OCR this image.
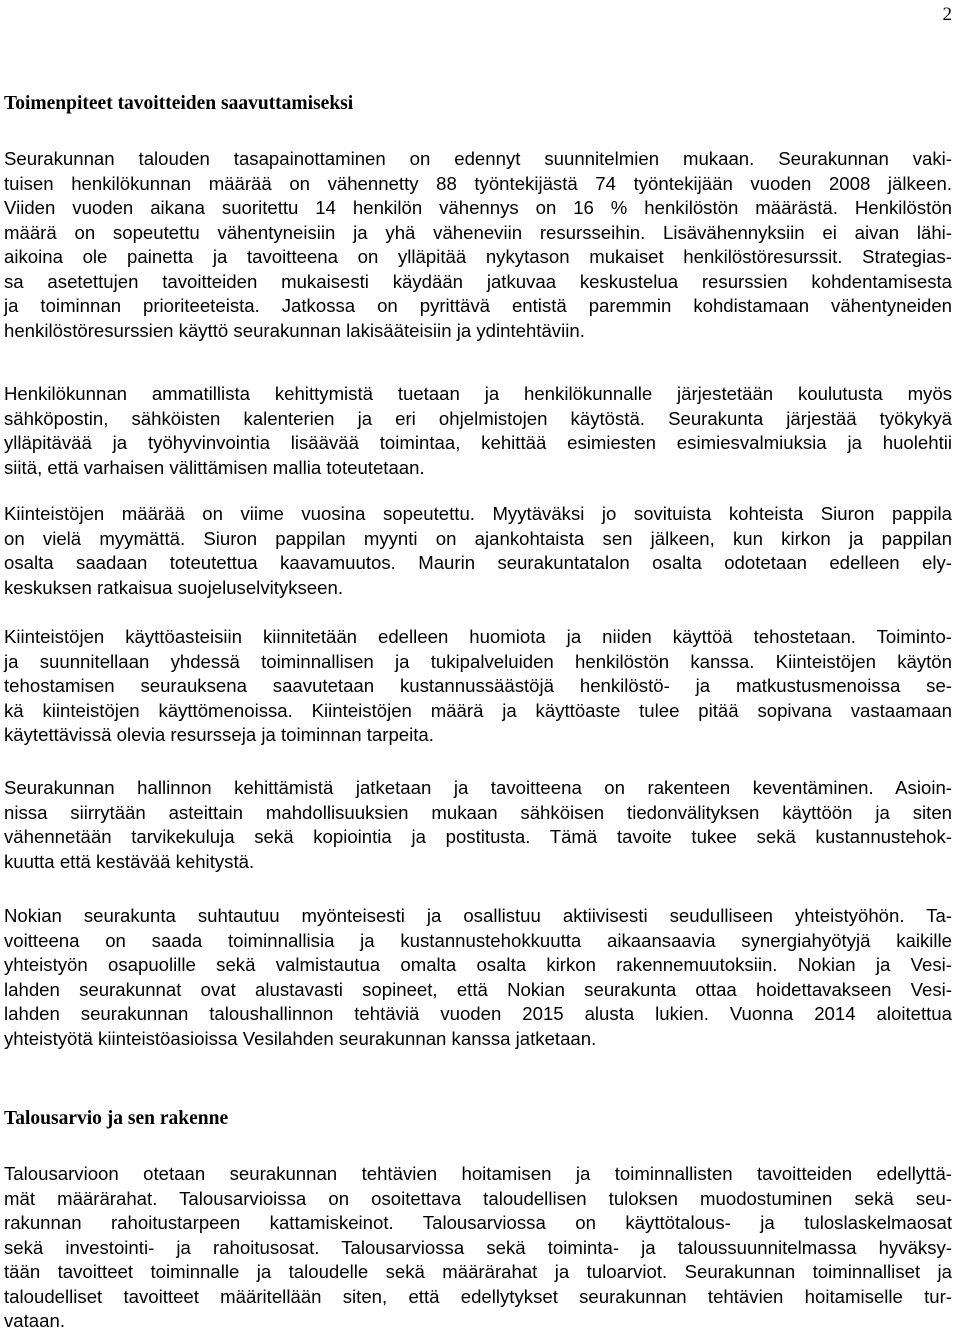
2
Toimenpiteet tavoitteiden saavuttamiseksi
Talousarvio ja sen rakenne
Seurakunnan talouden tasapainottaminen on edennyt suunnitelmien mukaan. Seurakunnan vaki-
tuisen henkilökunnan määrää on vähennetty 88 työntekijästä 74 työntekijään vuoden 2008 jälkeen.
Viiden vuoden aikana suoritettu 14 henkilön vähennys on 16 % henkilöstön määrästä. Henkilöstön
määrä on sopeutettu vähentyneisiin ja yhä väheneviin resursseihin. Lisävähennyksiin ei aivan lähi-
aikoina ole painetta ja tavoitteena on ylläpitää nykytason mukaiset henkilöstöresurssit. Strategias-
sa asetettujen tavoitteiden mukaisesti käydään jatkuvaa keskustelua resurssien kohdentamisesta
ja toiminnan prioriteeteista. Jatkossa on pyrittävä entistä paremmin kohdistamaan vähentyneiden
henkilöstöresurssien käyttö seurakunnan lakisääteisiin ja ydintehtäviin.
Henkilökunnan ammatillista kehittymistä tuetaan ja henkilökunnalle järjestetään koulutusta myös
sähköpostin, sähköisten kalenterien ja eri ohjelmistojen käytöstä. Seurakunta järjestää työkykyä
ylläpitävää ja työhyvinvointia lisäävää toimintaa, kehittää esimiesten esimiesvalmiuksia ja huolehtii
siitä, että varhaisen välittämisen mallia toteutetaan.
Kiinteistöjen määrää on viime vuosina sopeutettu. Myytäväksi jo sovituista kohteista Siuron pappila
on vielä myymättä. Siuron pappilan myynti on ajankohtaista sen jälkeen, kun kirkon ja pappilan
osalta saadaan toteutettua kaavamuutos. Maurin seurakuntatalon osalta odotetaan edelleen ely-
keskuksen ratkaisua suojeluselvitykseen.
Kiinteistöjen käyttöasteisiin kiinnitetään edelleen huomiota ja niiden käyttöä tehostetaan. Toiminto-
ja suunnitellaan yhdessä toiminnallisen ja tukipalveluiden henkilöstön kanssa. Kiinteistöjen käytön
tehostamisen seurauksena saavutetaan kustannussäästöjä henkilöstö- ja matkustusmenoissa se-
kä kiinteistöjen käyttömenoissa. Kiinteistöjen määrä ja käyttöaste tulee pitää sopivana vastaamaan
käytettävissä olevia resursseja ja toiminnan tarpeita.
Seurakunnan hallinnon kehittämistä jatketaan ja tavoitteena on rakenteen keventäminen. Asioin-
nissa siirrytään asteittain mahdollisuuksien mukaan sähköisen tiedonvälityksen käyttöön ja siten
vähennetään tarvikekuluja sekä kopiointia ja postitusta. Tämä tavoite tukee sekä kustannustehok-
kuutta että kestävää kehitystä.
Nokian seurakunta suhtautuu myönteisesti ja osallistuu aktiivisesti seudulliseen yhteistyöhön. Ta-
voitteena on saada toiminnallisia ja kustannustehokkuutta aikaansaavia synergiahyötyjä kaikille
yhteistyön osapuolille sekä valmistautua omalta osalta kirkon rakennemuutoksiin. Nokian ja Vesi-
lahden seurakunnat ovat alustavasti sopineet, että Nokian seurakunta ottaa hoidettavakseen Vesi-
lahden seurakunnan taloushallinnon tehtäviä vuoden 2015 alusta lukien. Vuonna 2014 aloitettua
yhteistyötä kiinteistöasioissa Vesilahden seurakunnan kanssa jatketaan.
Talousarvioon otetaan seurakunnan tehtävien hoitamisen ja toiminnallisten tavoitteiden edellyttä-
mät määrärahat. Talousarvioissa on osoitettava taloudellisen tuloksen muodostuminen sekä seu-
rakunnan rahoitustarpeen kattamiskeinot. Talousarviossa on käyttötalous- ja tuloslaskelmaosat
sekä investointi- ja rahoitusosat. Talousarviossa sekä toiminta- ja taloussuunnitelmassa hyväksy-
tään tavoitteet toiminnalle ja taloudelle sekä määrärahat ja tuloarviot. Seurakunnan toiminnalliset ja
taloudelliset tavoitteet määritellään siten, että edellytykset seurakunnan tehtävien hoitamiselle tur-
vataan.
